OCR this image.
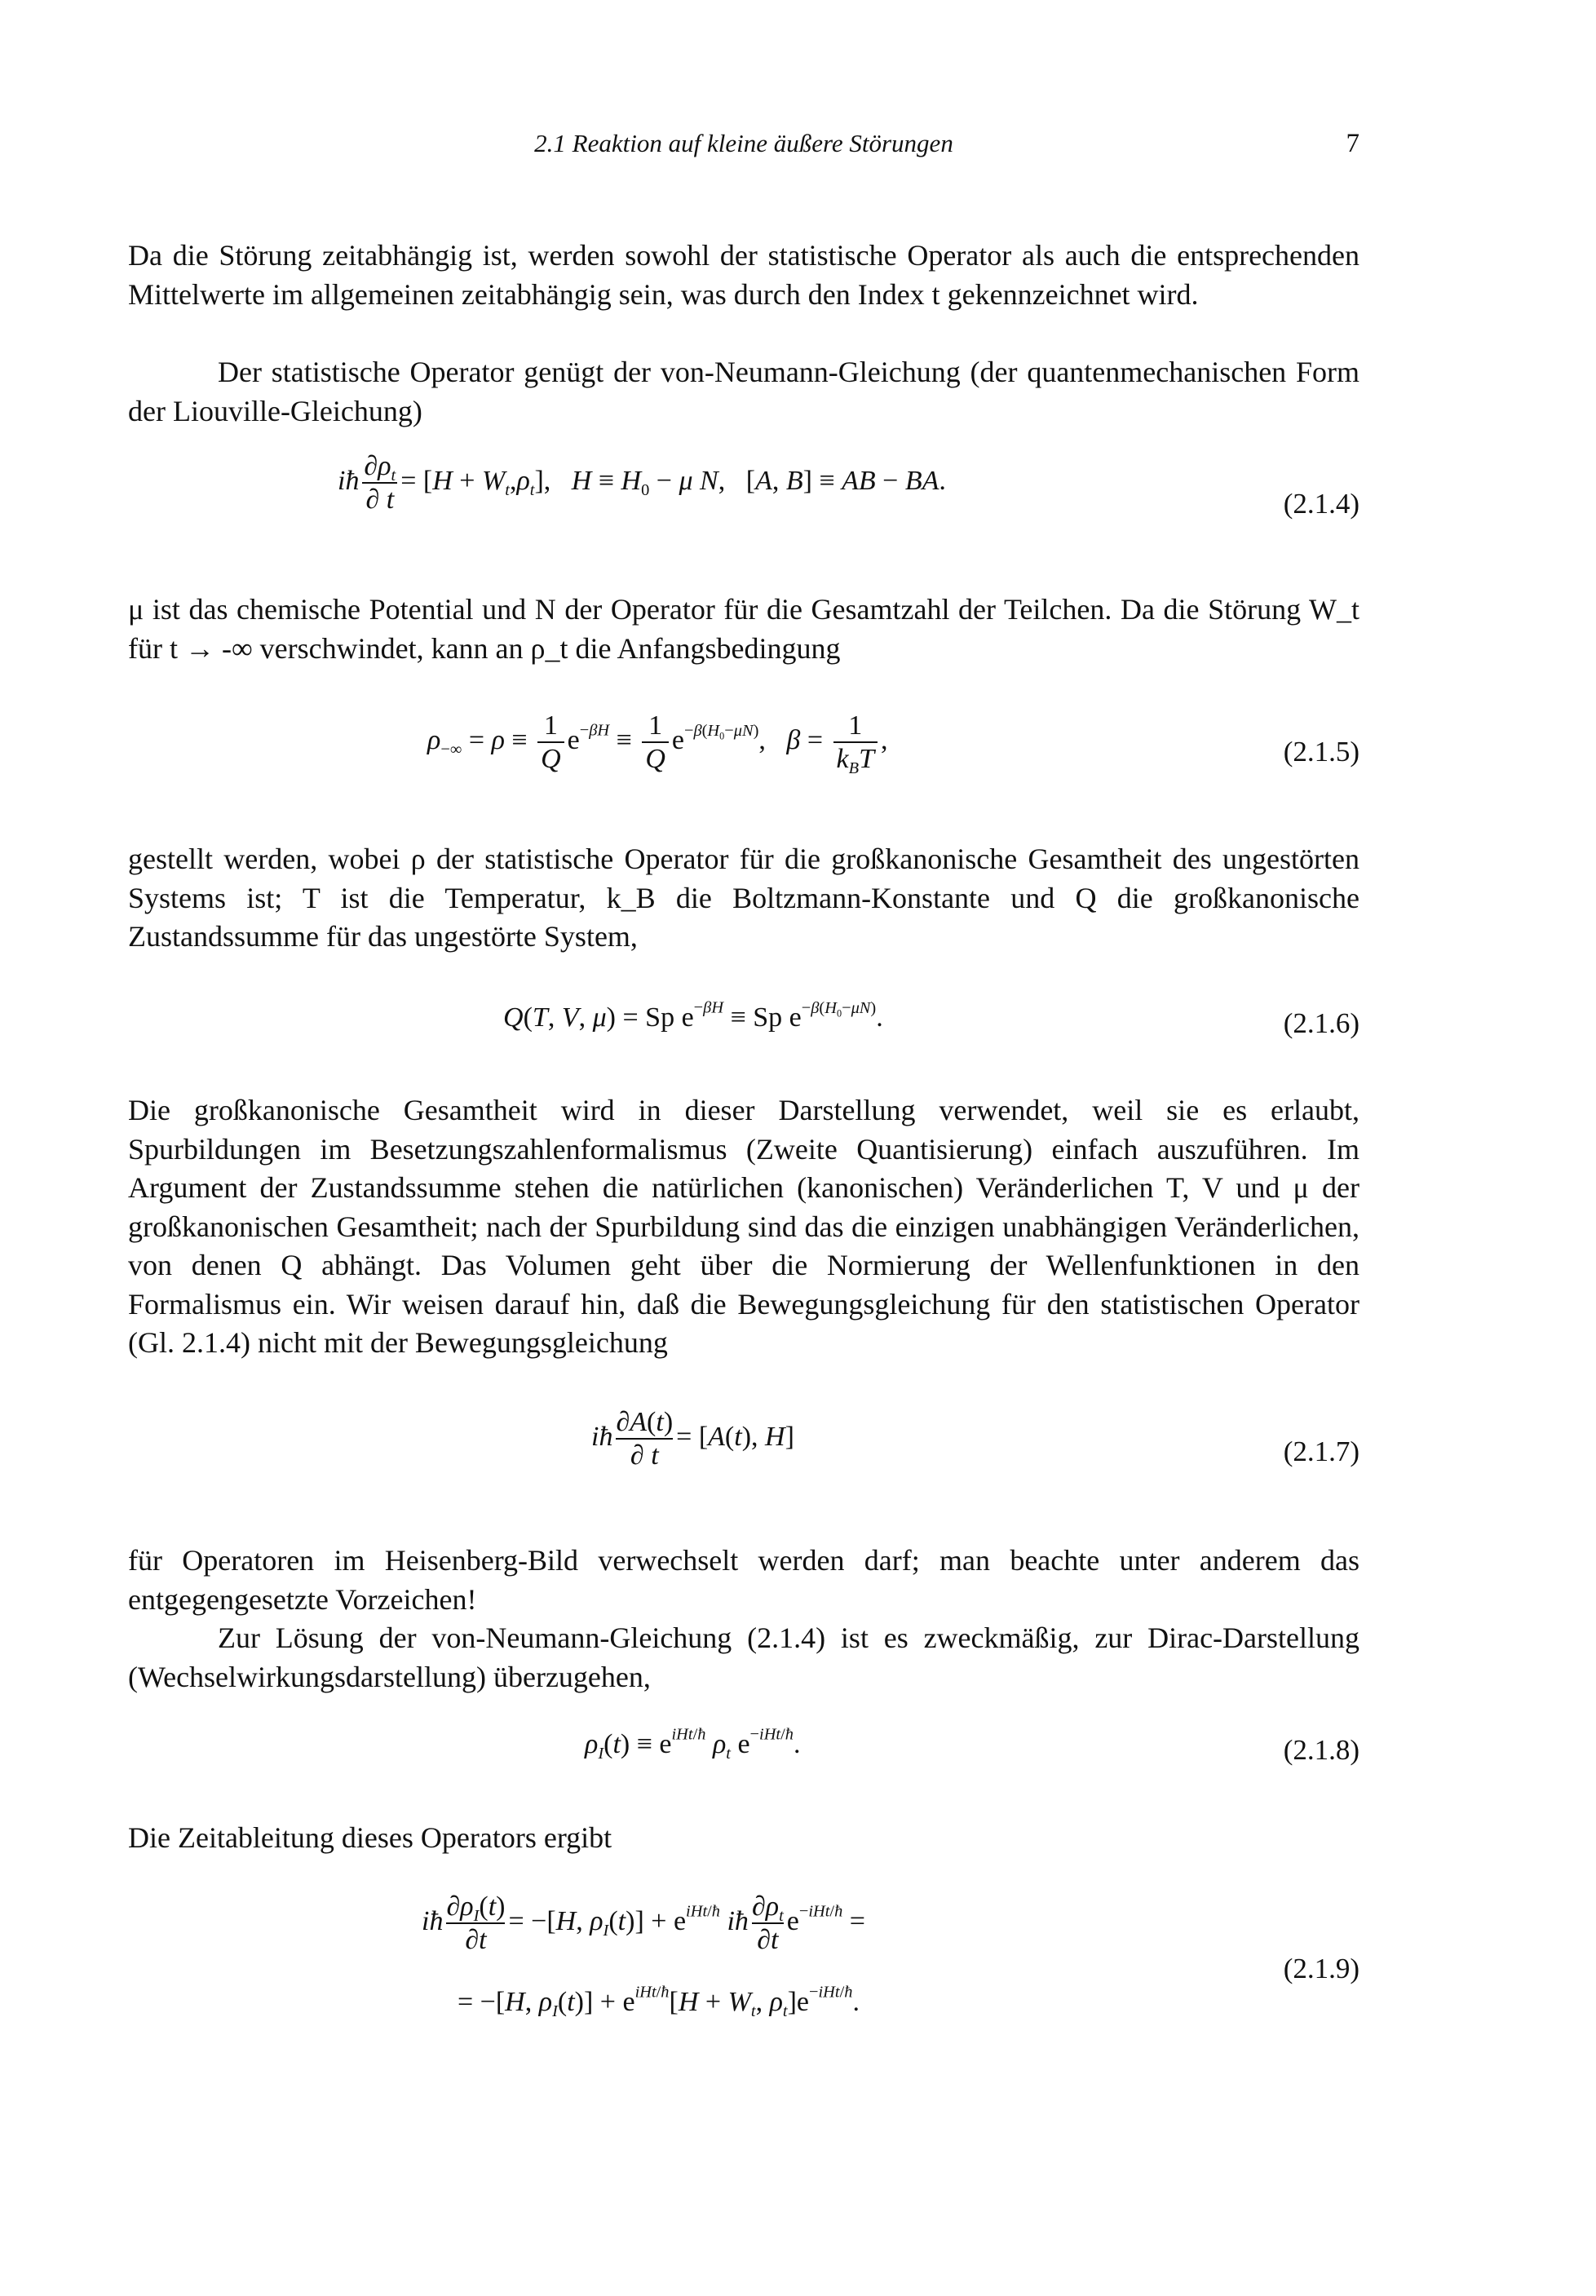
2.1 Reaktion auf kleine äußere Störungen	7
Da die Störung zeitabhängig ist, werden sowohl der statistische Operator als auch die entsprechenden Mittelwerte im allgemeinen zeitabhängig sein, was durch den Index t gekennzeichnet wird.
Der statistische Operator genügt der von-Neumann-Gleichung (der quantenmechanischen Form der Liouville-Gleichung)
iħ $\frac{\partial\rho_t}{\partial t} = [H + W_t,\rho_t]$,   $H \equiv H_0 - \mu$ N,   [A, B] ≡ AB − BA.
(2.1.4)
μ ist das chemische Potential und N der Operator für die Gesamtzahl der Teilchen. Da die Störung W_t für t → -∞ verschwindet, kann an ρ_t die Anfangsbedingung
$\rho_{-\infty} = \rho \equiv \frac{1}{Q} e^{-\beta H} \equiv \frac{1}{Q} e^{-\beta(H_0-\mu N)}$,   $\beta = \frac{1}{k_BT}$ ,	(2.1.5)
gestellt werden, wobei ρ der statistische Operator für die großkanonische Gesamtheit des ungestörten Systems ist; T ist die Temperatur, k_B die Boltzmann-Konstante und Q die großkanonische Zustandssumme für das ungestörte System,
Q(T, V, μ) = Sp $e^{-\beta H} \equiv Sp$ $e^{-\beta(H_0-\mu N)}$.	(2.1.6)
Die großkanonische Gesamtheit wird in dieser Darstellung verwendet, weil sie es erlaubt, Spurbildungen im Besetzungszahlenformalismus (Zweite Quantisierung) einfach auszuführen. Im Argument der Zustandssumme stehen die natürlichen (kanonischen) Veränderlichen T, V und μ der großkanonischen Gesamtheit; nach der Spurbildung sind das die einzigen unabhängigen Veränderlichen, von denen Q abhängt. Das Volumen geht über die Normierung der Wellenfunktionen in den Formalismus ein. Wir weisen darauf hin, daß die Bewegungsgleichung für den statistischen Operator (Gl. 2.1.4) nicht mit der Bewegungsgleichung
iħ $\frac{\partial A(t)}{\partial t} = [A(t)$, H]	(2.1.7)
für Operatoren im Heisenberg-Bild verwechselt werden darf; man beachte unter anderem das entgegengesetzte Vorzeichen!
Zur Lösung der von-Neumann-Gleichung (2.1.4) ist es zweckmäßig, zur Dirac-Darstellung (Wechselwirkungsdarstellung) überzugehen,
$\rho_I(t) \equiv e^{iHt/ħ}$ $\rho_t$ $e^{-iHt/ħ}$.	(2.1.8)
Die Zeitableitung dieses Operators ergibt
iħ $\frac{\partial\rho_I(t)}{\partial t} = -[H$, $\rho_I(t)] + e^{iHt/ħ}$ iħ $\frac{\partial\rho_t}{\partial t} e^{-iHt/ħ}$ =
= −[H, $\rho_I(t)] + e^{iHt/ħ}[H + W_t$, $\rho_t]e^{-iHt/ħ}$.
(2.1.9)
